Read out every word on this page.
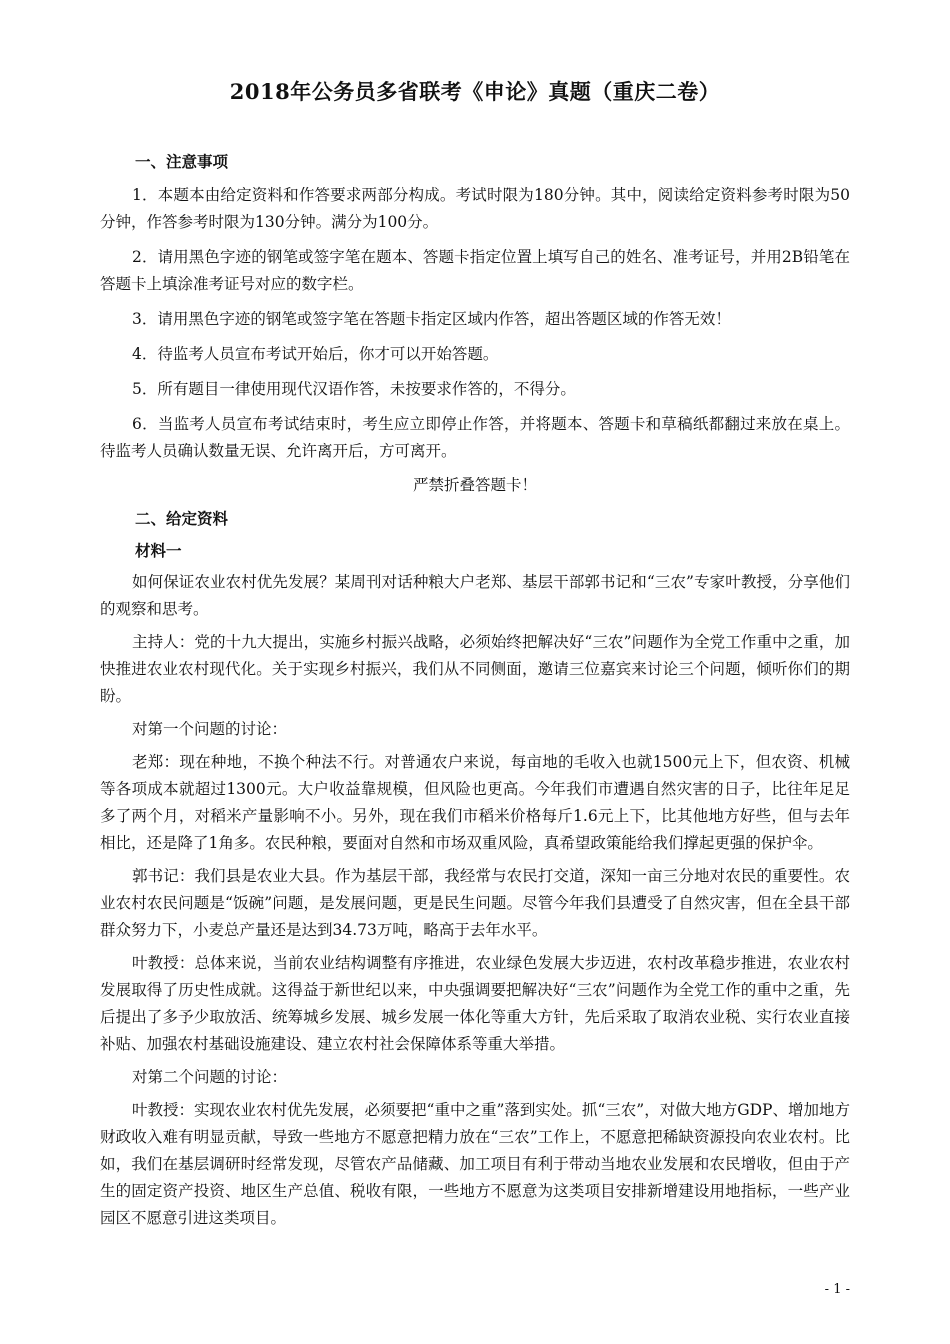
2018年公务员多省联考《申论》真题（重庆二卷）
一、注意事项

1．本题本由给定资料和作答要求两部分构成。考试时限为180分钟。其中，阅读给定资料参考时限为50分钟，作答参考时限为130分钟。满分为100分。

2．请用黑色字迹的钢笔或签字笔在题本、答题卡指定位置上填写自己的姓名、准考证号，并用2B铅笔在答题卡上填涂准考证号对应的数字栏。

3．请用黑色字迹的钢笔或签字笔在答题卡指定区域内作答，超出答题区域的作答无效！

4．待监考人员宣布考试开始后，你才可以开始答题。

5．所有题目一律使用现代汉语作答，未按要求作答的，不得分。

6．当监考人员宣布考试结束时，考生应立即停止作答，并将题本、答题卡和草稿纸都翻过来放在桌上。待监考人员确认数量无误、允许离开后，方可离开。

严禁折叠答题卡！
二、给定资料
材料一

如何保证农业农村优先发展？某周刊对话种粮大户老郑、基层干部郭书记和“三农”专家叶教授，分享他们的观察和思考。

主持人：党的十九大提出，实施乡村振兴战略，必须始终把解决好“三农”问题作为全党工作重中之重，加快推进农业农村现代化。关于实现乡村振兴，我们从不同侧面，邀请三位嘉宾来讨论三个问题，倾听你们的期盼。

对第一个问题的讨论：

老郑：现在种地，不换个种法不行。对普通农户来说，每亩地的毛收入也就1500元上下，但农资、机械等各项成本就超过1300元。大户收益靠规模，但风险也更高。今年我们市遭遇自然灾害的日子，比往年足足多了两个月，对稻米产量影响不小。另外，现在我们市稻米价格每斤1.6元上下，比其他地方好些，但与去年相比，还是降了1角多。农民种粮，要面对自然和市场双重风险，真希望政策能给我们撑起更强的保护伞。

郭书记：我们县是农业大县。作为基层干部，我经常与农民打交道，深知一亩三分地对农民的重要性。农业农村农民问题是“饭碗”问题，是发展问题，更是民生问题。尽管今年我们县遭受了自然灾害，但在全县干部群众努力下，小麦总产量还是达到34.73万吨，略高于去年水平。

叶教授：总体来说，当前农业结构调整有序推进，农业绿色发展大步迈进，农村改革稳步推进，农业农村发展取得了历史性成就。这得益于新世纪以来，中央强调要把解决好“三农”问题作为全党工作的重中之重，先后提出了多予少取放活、统筹城乡发展、城乡发展一体化等重大方针，先后采取了取消农业税、实行农业直接补贴、加强农村基础设施建设、建立农村社会保障体系等重大举措。

对第二个问题的讨论：

叶教授：实现农业农村优先发展，必须要把“重中之重”落到实处。抓“三农”，对做大地方GDP、增加地方财政收入难有明显贡献，导致一些地方不愿意把精力放在“三农”工作上，不愿意把稀缺资源投向农业农村。比如，我们在基层调研时经常发现，尽管农产品储藏、加工项目有利于带动当地农业发展和农民增收，但由于产生的固定资产投资、地区生产总值、税收有限，一些地方不愿意为这类项目安排新增建设用地指标，一些产业园区不愿意引进这类项目。

- 1 -
